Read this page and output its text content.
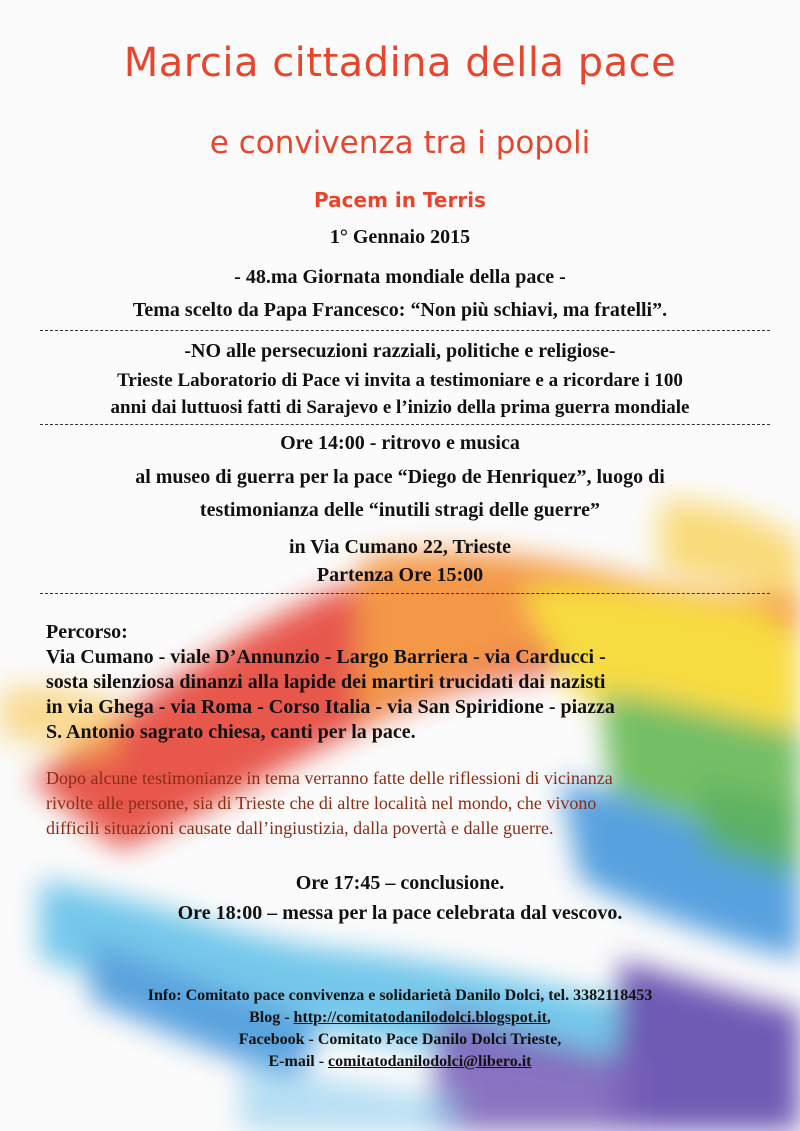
Marcia cittadina della pace
e convivenza tra i popoli
Pacem in Terris
1° Gennaio 2015
- 48.ma Giornata mondiale della pace -
Tema scelto da Papa Francesco: “Non più schiavi, ma fratelli”.
-NO alle persecuzioni razziali, politiche e religiose-
Trieste Laboratorio di Pace vi invita a testimoniare e a ricordare i 100
anni dai luttuosi fatti di Sarajevo e l’inizio della prima guerra mondiale
Ore 14:00 - ritrovo e musica
al museo di guerra per la pace “Diego de Henriquez”, luogo di
testimonianza delle “inutili stragi delle guerre”
in Via Cumano 22, Trieste
Partenza Ore 15:00
Percorso:
Via Cumano - viale D’Annunzio - Largo Barriera - via Carducci -
sosta silenziosa dinanzi alla lapide dei martiri trucidati dai nazisti
in via Ghega - via Roma - Corso Italia - via San Spiridione - piazza
S. Antonio sagrato chiesa, canti per la pace.
Dopo alcune testimonianze in tema verranno fatte delle riflessioni di vicinanza
rivolte alle persone, sia di Trieste che di altre località nel mondo, che vivono
difficili situazioni causate dall’ingiustizia, dalla povertà e dalle guerre.
Ore 17:45 – conclusione.
Ore 18:00 – messa per la pace celebrata dal vescovo.
Info: Comitato pace convivenza e solidarietà Danilo Dolci, tel. 3382118453
Blog - http://comitatodanilodolci.blogspot.it,
Facebook - Comitato Pace Danilo Dolci Trieste,
E-mail - comitatodanilodolci@libero.it
